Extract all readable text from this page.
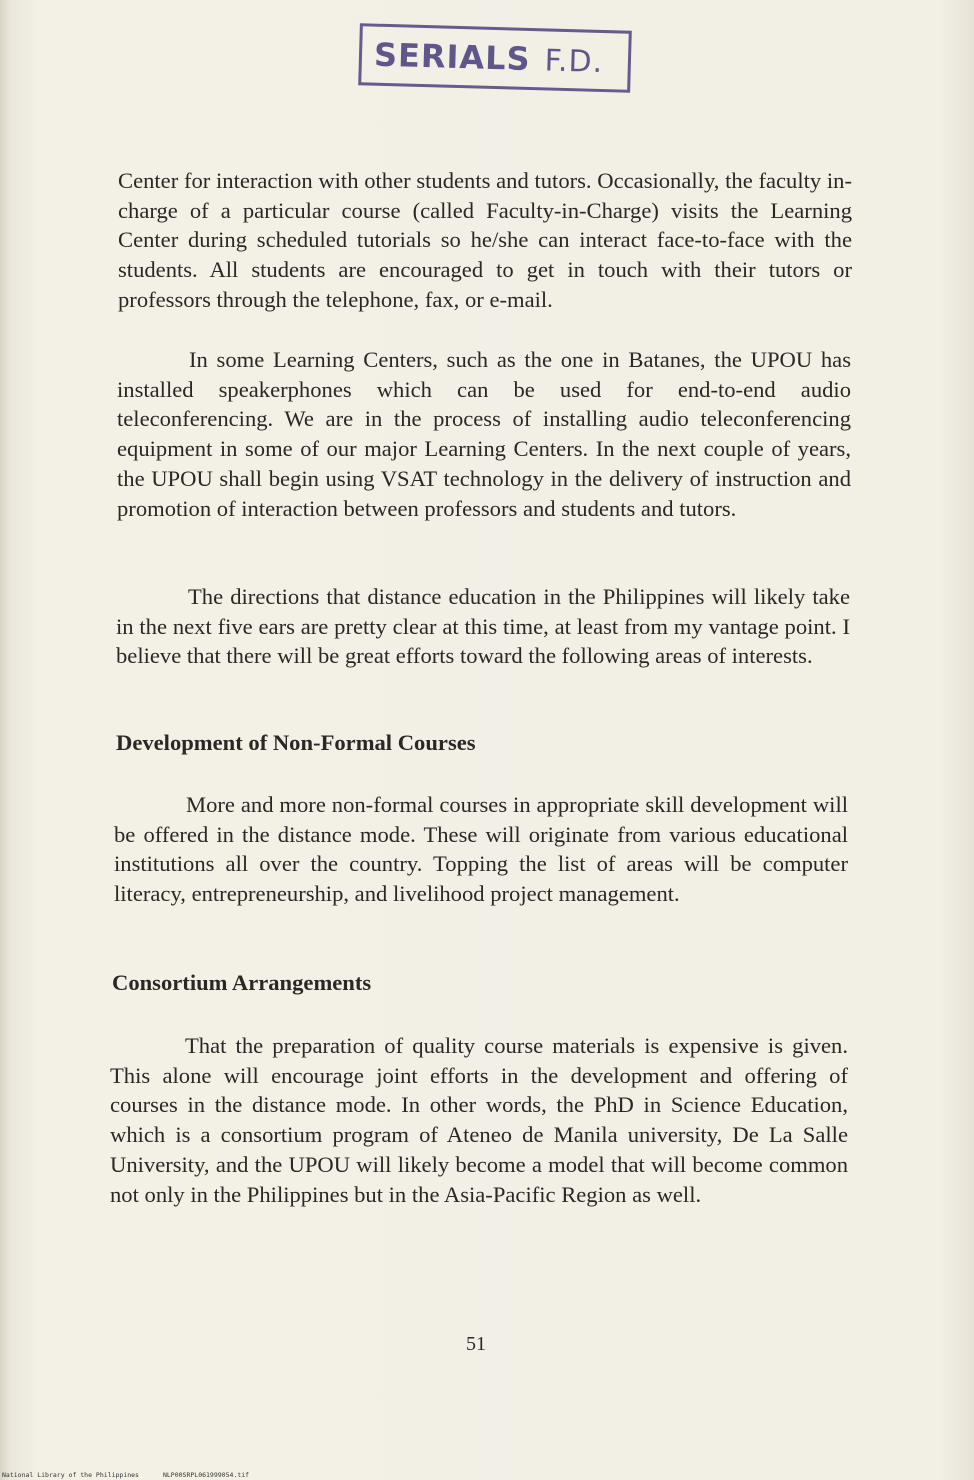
SERIALS F.D.

Center for interaction with other students and tutors. Occasionally, the faculty in-charge of a particular course (called Faculty-in-Charge) visits the Learning Center during scheduled tutorials so he/she can interact face-to-face with the students. All students are encouraged to get in touch with their tutors or professors through the telephone, fax, or e-mail.

In some Learning Centers, such as the one in Batanes, the UPOU has installed speakerphones which can be used for end-to-end audio teleconferencing. We are in the process of installing audio teleconferencing equipment in some of our major Learning Centers. In the next couple of years, the UPOU shall begin using VSAT technology in the delivery of instruction and promotion of interaction between professors and students and tutors.

The directions that distance education in the Philippines will likely take in the next five ears are pretty clear at this time, at least from my vantage point. I believe that there will be great efforts toward the following areas of interests.

Development of Non-Formal Courses

More and more non-formal courses in appropriate skill development will be offered in the distance mode. These will originate from various educational institutions all over the country. Topping the list of areas will be computer literacy, entrepreneurship, and livelihood project management.

Consortium Arrangements

That the preparation of quality course materials is expensive is given. This alone will encourage joint efforts in the development and offering of courses in the distance mode. In other words, the PhD in Science Education, which is a consortium program of Ateneo de Manila university, De La Salle University, and the UPOU will likely become a model that will become common not only in the Philippines but in the Asia-Pacific Region as well.

51
National Library of the Philippines	NLP00SRPL061999054.tif
